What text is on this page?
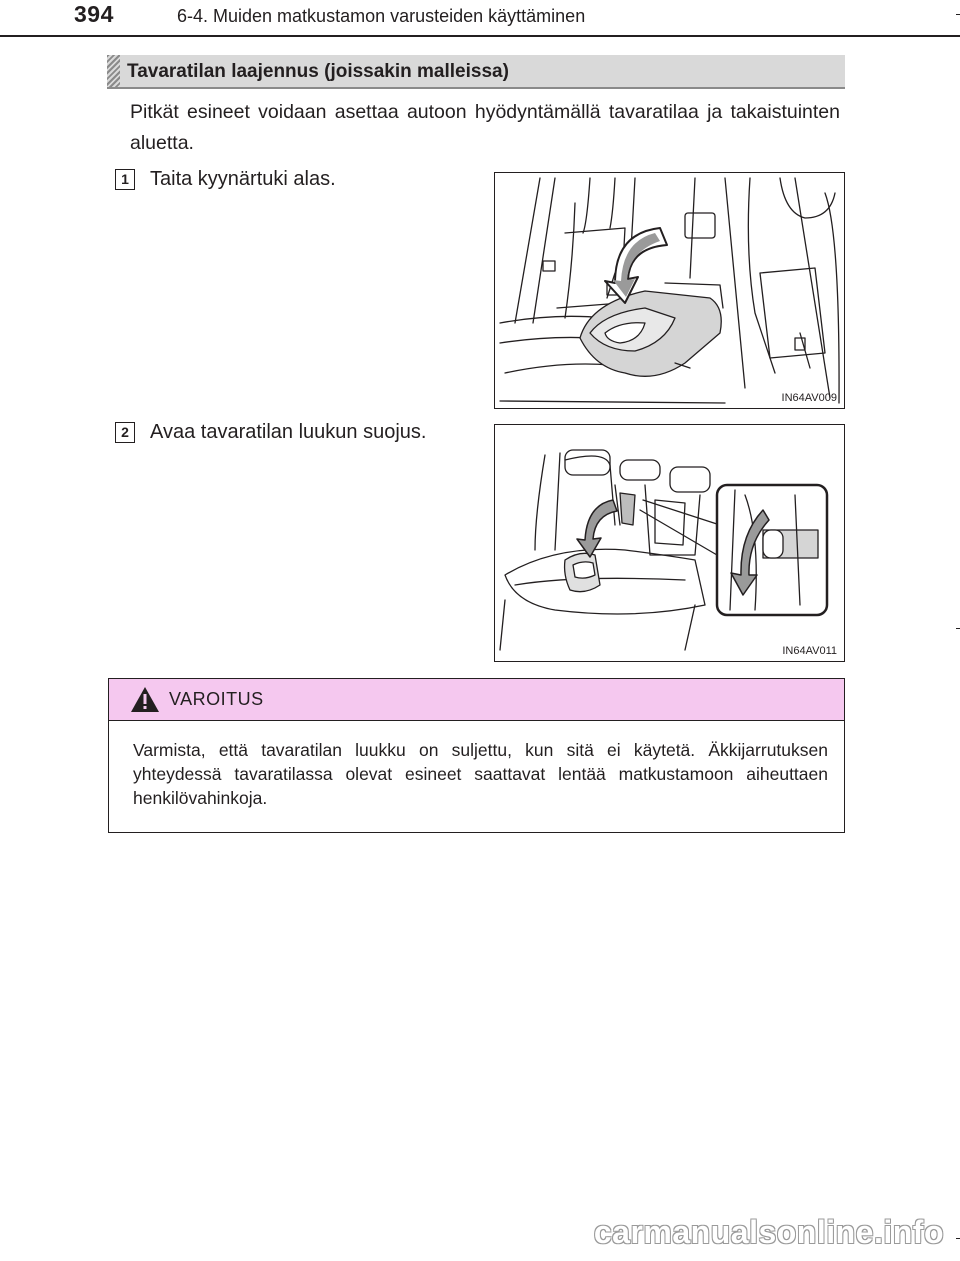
394	6-4. Muiden matkustamon varusteiden käyttäminen
Tavaratilan laajennus (joissakin malleissa)
Pitkät esineet voidaan asettaa autoon hyödyntämällä tavaratilaa ja takaistuinten aluetta.
1	Taita kyynärtuki alas.
IN64AV009
2	Avaa tavaratilan luukun suojus.
IN64AV011
VAROITUS
Varmista, että tavaratilan luukku on suljettu, kun sitä ei käytetä. Äkkijarrutuksen yhteydessä tavaratilassa olevat esineet saattavat lentää matkustamoon aiheuttaen henkilövahinkoja.
carmanualsonline.info
